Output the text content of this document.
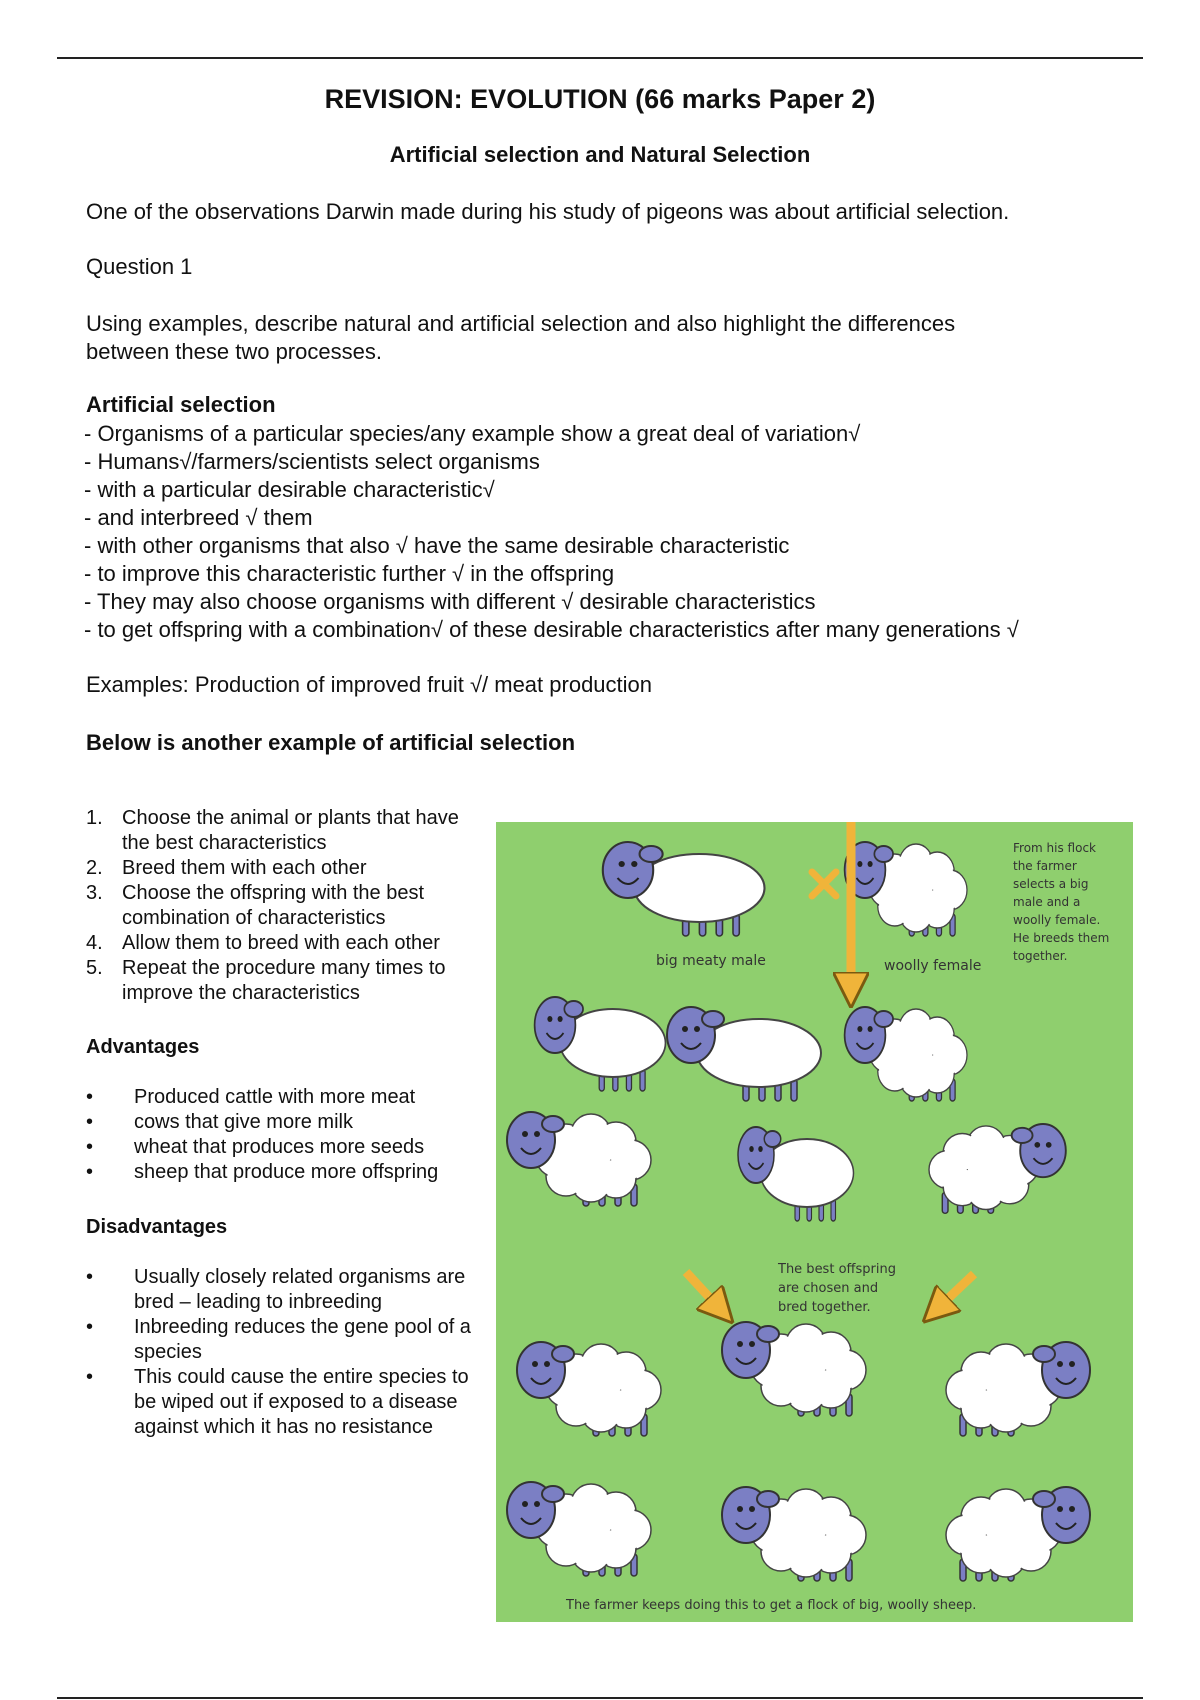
REVISION: EVOLUTION (66 marks Paper 2)
Artificial selection and Natural Selection
One of the observations Darwin made during his study of pigeons was about artificial selection.
Question 1
Using examples, describe natural and artificial selection and also highlight the differences between these two processes.
Artificial selection
- Organisms of a particular species/any example show a great deal of variation√
- Humans√/farmers/scientists select organisms
- with a particular desirable characteristic√
- and interbreed √ them
- with other organisms that also √ have the same desirable characteristic
- to improve this characteristic further √ in the offspring
- They may also choose organisms with different √ desirable characteristics
- to get offspring with a combination√ of these desirable characteristics after many generations √
Examples: Production of improved fruit √/ meat production
Below is another example of artificial selection
1. Choose the animal or plants that have the best characteristics
2. Breed them with each other
3. Choose the offspring with the best combination of characteristics
4. Allow them to breed with each other
5. Repeat the procedure many times to improve the characteristics
Advantages
• Produced cattle with more meat
• cows that give more milk
• wheat that produces more seeds
• sheep that produce more offspring
Disadvantages
• Usually closely related organisms are bred – leading to inbreeding
• Inbreeding reduces the gene pool of a species
• This could cause the entire species to be wiped out if exposed to a disease against which it has no resistance
big meaty male	woolly female
From his flock
the farmer
selects a big
male and a
woolly female.
He breeds them
together.
The best offspring
are chosen and
bred together.
The farmer keeps doing this to get a flock of big, woolly sheep.
